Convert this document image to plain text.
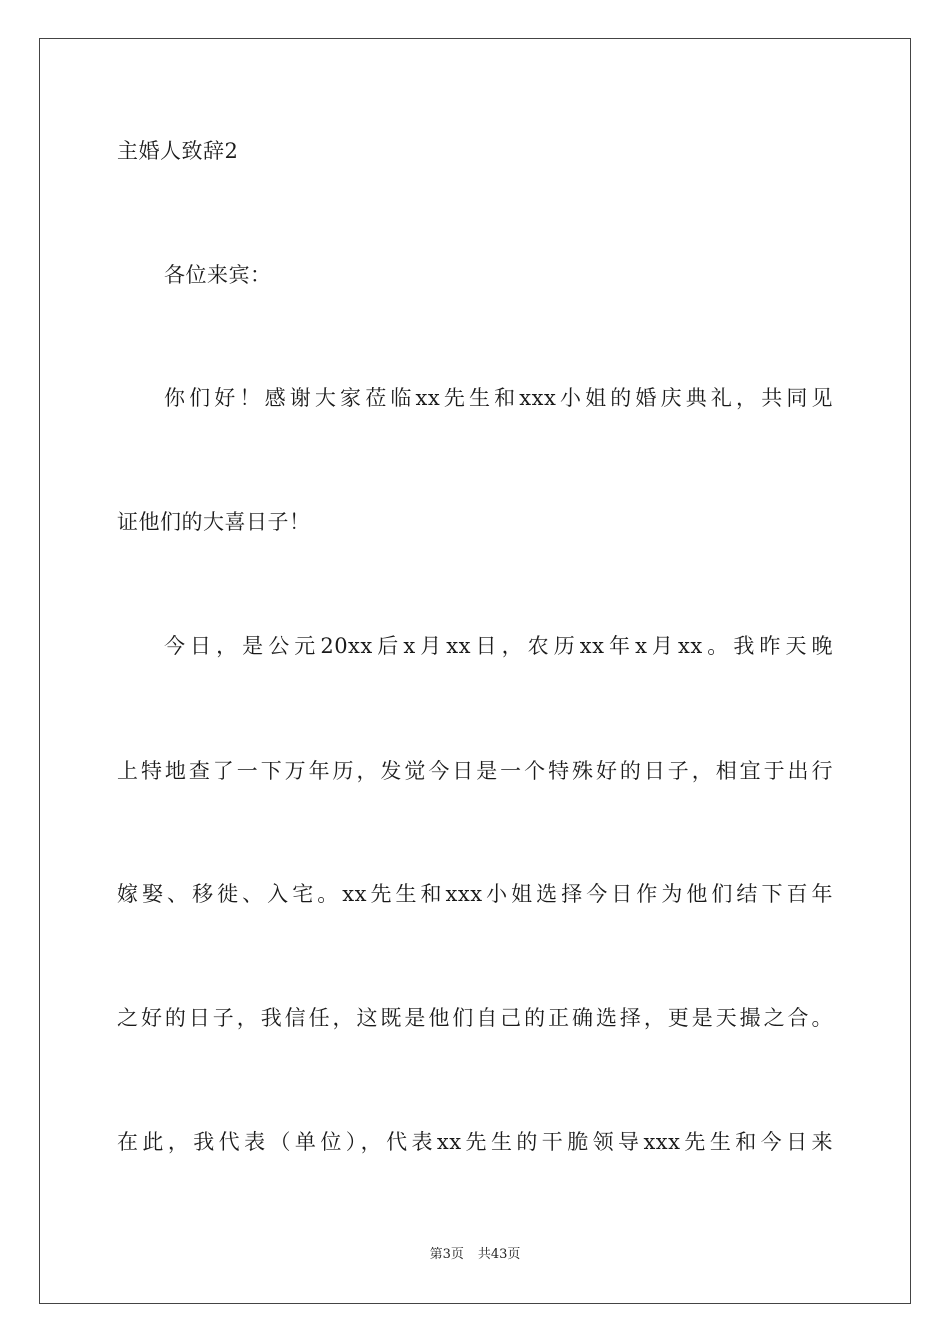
主婚人致辞2
各位来宾：
你们好！感谢大家莅临xx先生和xxx小姐的婚庆典礼，共同见
证他们的大喜日子！
今日，是公元20xx后x月xx日，农历xx年x月xx。我昨天晚
上特地查了一下万年历，发觉今日是一个特殊好的日子，相宜于出行
嫁娶、移徙、入宅。xx先生和xxx小姐选择今日作为他们结下百年
之好的日子，我信任，这既是他们自己的正确选择，更是天撮之合。
在此，我代表（单位），代表xx先生的干脆领导xxx先生和今日来
第3页 共43页
